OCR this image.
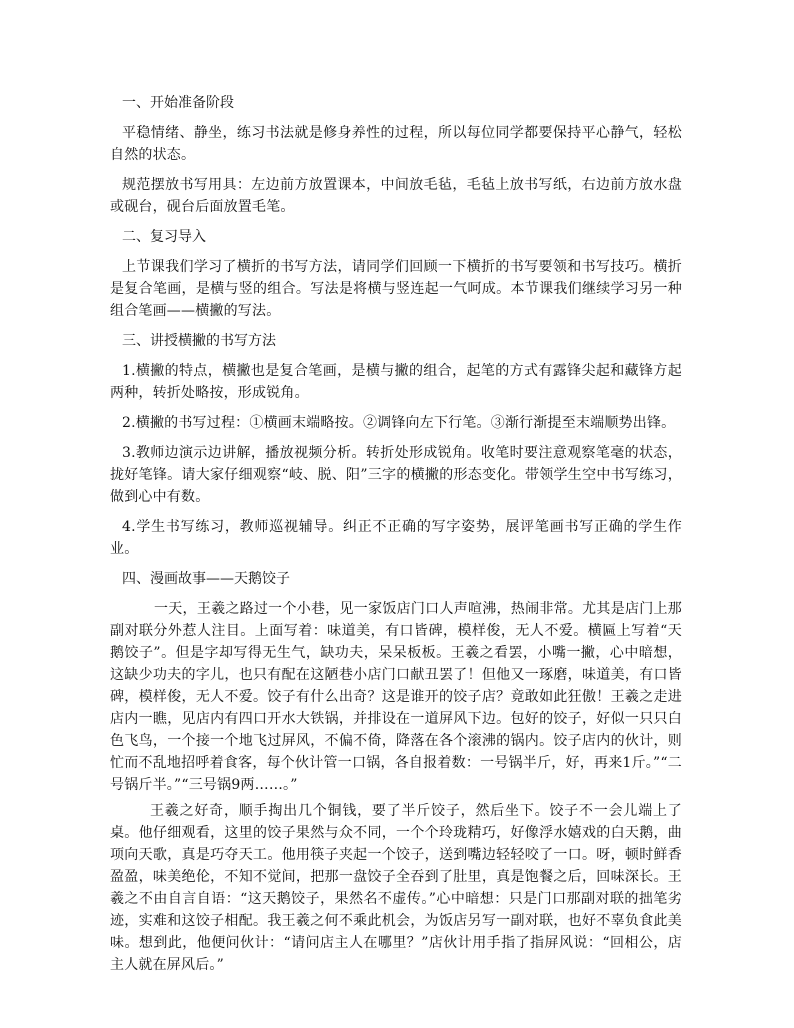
一、开始准备阶段
平稳情绪、静坐，练习书法就是修身养性的过程，所以每位同学都要保持平心静气，轻松自然的状态。
规范摆放书写用具：左边前方放置课本，中间放毛毡，毛毡上放书写纸，右边前方放水盘或砚台，砚台后面放置毛笔。
二、复习导入
上节课我们学习了横折的书写方法，请同学们回顾一下横折的书写要领和书写技巧。横折是复合笔画，是横与竖的组合。写法是将横与竖连起一气呵成。本节课我们继续学习另一种组合笔画——横撇的写法。
三、讲授横撇的书写方法
1.横撇的特点，横撇也是复合笔画，是横与撇的组合，起笔的方式有露锋尖起和藏锋方起两种，转折处略按，形成锐角。
2.横撇的书写过程：①横画末端略按。②调锋向左下行笔。③渐行渐提至末端顺势出锋。
3.教师边演示边讲解，播放视频分析。转折处形成锐角。收笔时要注意观察笔毫的状态，拢好笔锋。请大家仔细观察“岐、脱、阳”三字的横撇的形态变化。带领学生空中书写练习，做到心中有数。
4.学生书写练习，教师巡视辅导。纠正不正确的写字姿势，展评笔画书写正确的学生作业。
四、漫画故事——天鹅饺子
一天，王羲之路过一个小巷，见一家饭店门口人声喧沸，热闹非常。尤其是店门上那副对联分外惹人注目。上面写着：味道美，有口皆碑，模样俊，无人不爱。横匾上写着“天鹅饺子”。但是字却写得无生气，缺功夫，呆呆板板。王羲之看罢，小嘴一撇，心中暗想，这缺少功夫的字儿，也只有配在这陋巷小店门口献丑罢了！但他又一琢磨，味道美，有口皆碑，模样俊，无人不爱。饺子有什么出奇？这是谁开的饺子店？竟敢如此狂傲！王羲之走进店内一瞧，见店内有四口开水大铁锅，并排设在一道屏风下边。包好的饺子，好似一只只白色飞鸟，一个接一个地飞过屏风，不偏不倚，降落在各个滚沸的锅内。饺子店内的伙计，则忙而不乱地招呼着食客，每个伙计管一口锅，各自报着数：一号锅半斤，好，再来1斤。”“二号锅斤半。”“三号锅9两……。”
王羲之好奇，顺手掏出几个铜钱，要了半斤饺子，然后坐下。饺子不一会儿端上了桌。他仔细观看，这里的饺子果然与众不同，一个个玲珑精巧，好像浮水嬉戏的白天鹅，曲项向天歌，真是巧夺天工。他用筷子夹起一个饺子，送到嘴边轻轻咬了一口。呀，顿时鲜香盈盈，味美绝伦，不知不觉间，把那一盘饺子全吞到了肚里，真是饱餐之后，回味深长。王羲之不由自言自语：“这天鹅饺子，果然名不虚传。”心中暗想：只是门口那副对联的拙笔劣迹，实难和这饺子相配。我王羲之何不乘此机会，为饭店另写一副对联，也好不辜负食此美味。想到此，他便问伙计：“请问店主人在哪里？”店伙计用手指了指屏风说：“回相公，店主人就在屏风后。”
